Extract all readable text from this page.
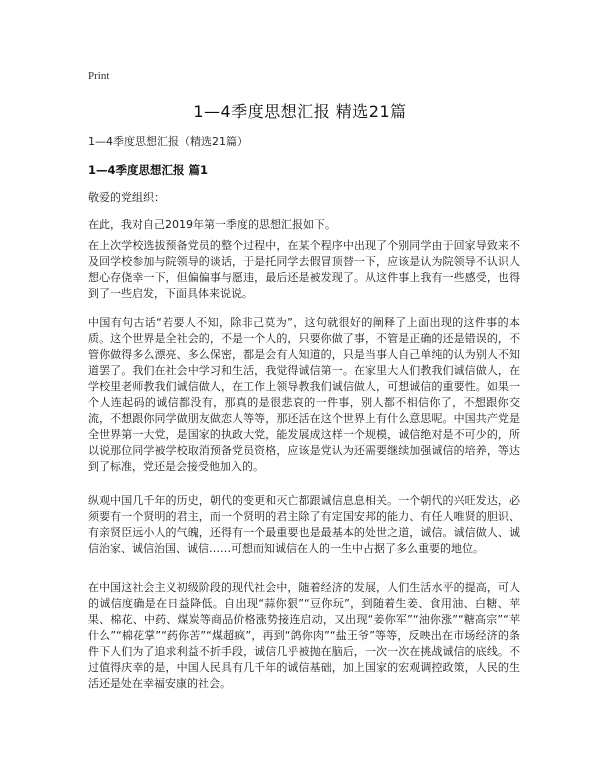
Print
1—4季度思想汇报 精选21篇
1—4季度思想汇报（精选21篇）
1—4季度思想汇报 篇1
敬爱的党组织：
在此，我对自己2019年第一季度的思想汇报如下。
在上次学校选拔预备党员的整个过程中，在某个程序中出现了个别同学由于回家导致来不及回学校参加与院领导的谈话，于是托同学去假冒顶替一下，应该是认为院领导不认识人想心存侥幸一下，但偏偏事与愿违，最后还是被发现了。从这件事上我有一些感受，也得到了一些启发，下面具体来说说。
中国有句古话“若要人不知，除非己莫为”，这句就很好的阐释了上面出现的这件事的本质。这个世界是全社会的，不是一个人的，只要你做了事，不管是正确的还是错误的，不管你做得多么漂亮、多么保密，都是会有人知道的，只是当事人自己单纯的认为别人不知道罢了。我们在社会中学习和生活，我觉得诚信第一。在家里大人们教我们诚信做人，在学校里老师教我们诚信做人，在工作上领导教我们诚信做人，可想诚信的重要性。如果一个人连起码的诚信都没有，那真的是很悲哀的一件事，别人都不相信你了，不想跟你交流，不想跟你同学做朋友做恋人等等，那还活在这个世界上有什么意思呢。中国共产党是全世界第一大党，是国家的执政大党，能发展成这样一个规模，诚信绝对是不可少的，所以说那位同学被学校取消预备党员资格，应该是党认为还需要继续加强诚信的培养，等达到了标准，党还是会接受他加入的。
纵观中国几千年的历史，朝代的变更和灭亡都跟诚信息息相关。一个朝代的兴旺发达，必须要有一个贤明的君主，而一个贤明的君主除了有定国安邦的能力、有任人唯贤的胆识、有亲贤臣远小人的气魄，还得有一个最重要也是最基本的处世之道，诚信。诚信做人、诚信治家、诚信治国、诚信……可想而知诚信在人的一生中占据了多么重要的地位。
在中国这社会主义初级阶段的现代社会中，随着经济的发展，人们生活水平的提高，可人的诚信度确是在日益降低。自出现“蒜你狠”“豆你玩”，到随着生姜、食用油、白糖、苹果、棉花、中药、煤炭等商品价格涨势接连启动，又出现“姜你军”“油你涨”“糖高宗”“苹什么”“棉花掌”“药你苦”“煤超疯”，再到“鸽你肉”“盐王爷”等等，反映出在市场经济的条件下人们为了追求利益不折手段，诚信几乎被抛在脑后，一次一次在挑战诚信的底线。不过值得庆幸的是，中国人民具有几千年的诚信基础，加上国家的宏观调控政策，人民的生活还是处在幸福安康的社会。
